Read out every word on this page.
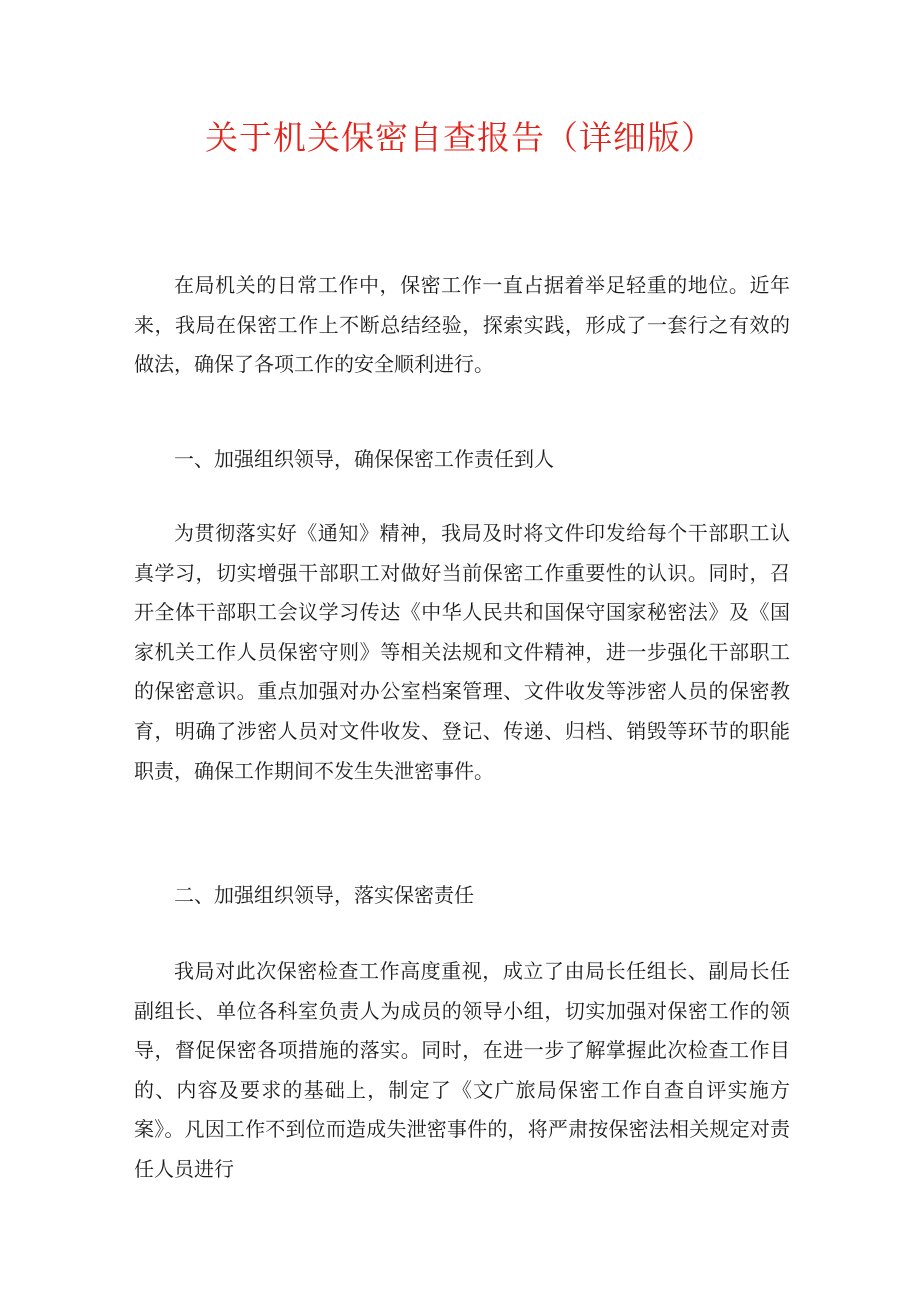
关于机关保密自查报告（详细版）

在局机关的日常工作中，保密工作一直占据着举足轻重的地位。近年来，我局在保密工作上不断总结经验，探索实践，形成了一套行之有效的做法，确保了各项工作的安全顺利进行。

一、加强组织领导，确保保密工作责任到人

为贯彻落实好《通知》精神，我局及时将文件印发给每个干部职工认真学习，切实增强干部职工对做好当前保密工作重要性的认识。同时，召开全体干部职工会议学习传达《中华人民共和国保守国家秘密法》及《国家机关工作人员保密守则》等相关法规和文件精神，进一步强化干部职工的保密意识。重点加强对办公室档案管理、文件收发等涉密人员的保密教育，明确了涉密人员对文件收发、登记、传递、归档、销毁等环节的职能职责，确保工作期间不发生失泄密事件。

二、加强组织领导，落实保密责任

我局对此次保密检查工作高度重视，成立了由局长任组长、副局长任副组长、单位各科室负责人为成员的领导小组，切实加强对保密工作的领导，督促保密各项措施的落实。同时，在进一步了解掌握此次检查工作目的、内容及要求的基础上，制定了《文广旅局保密工作自查自评实施方案》。凡因工作不到位而造成失泄密事件的，将严肃按保密法相关规定对责任人员进行
